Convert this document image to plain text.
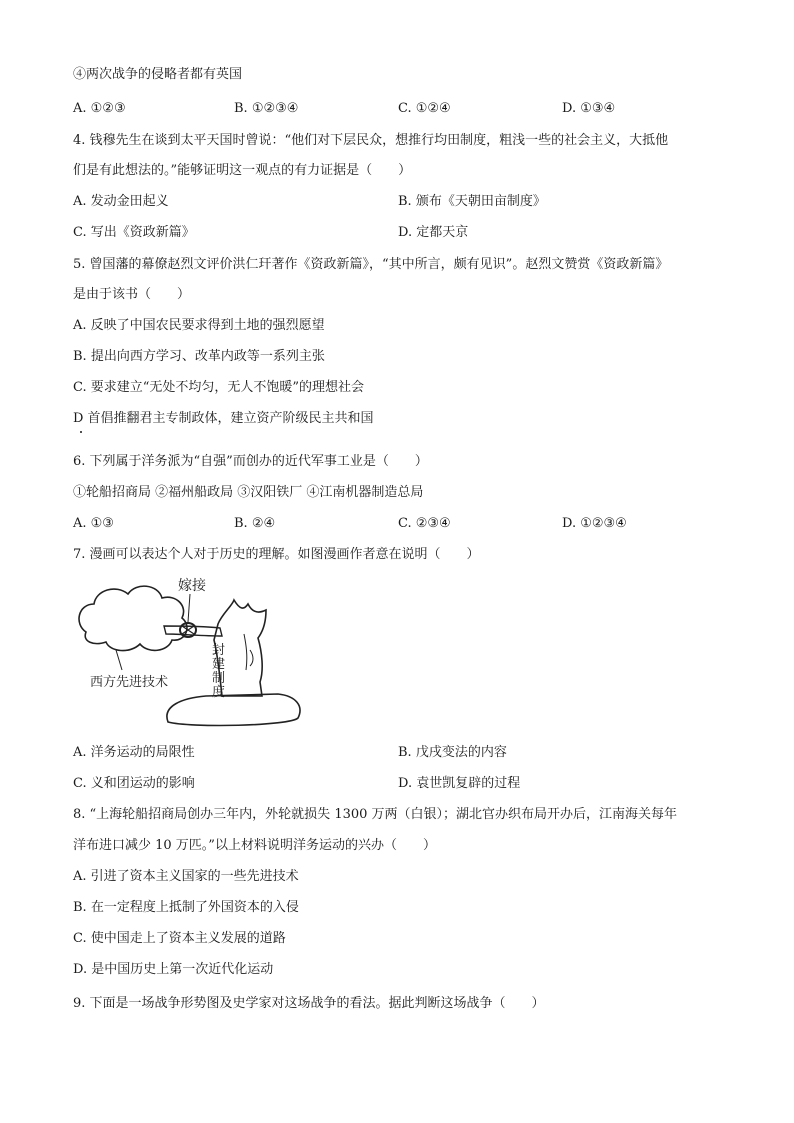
④两次战争的侵略者都有英国
A. ①②③	B. ①②③④	C. ①②④	D. ①③④
4. 钱穆先生在谈到太平天国时曾说：“他们对下层民众，想推行均田制度，粗浅一些的社会主义，大抵他
们是有此想法的。”能够证明这一观点的有力证据是（　　）
A. 发动金田起义	B. 颁布《天朝田亩制度》
C. 写出《资政新篇》	D. 定都天京
5. 曾国藩的幕僚赵烈文评价洪仁玕著作《资政新篇》，“其中所言，颇有见识”。赵烈文赞赏《资政新篇》
是由于该书（　　）
A. 反映了中国农民要求得到土地的强烈愿望
B. 提出向西方学习、改革内政等一系列主张
C. 要求建立“无处不均匀，无人不饱暖”的理想社会
D 首倡推翻君主专制政体，建立资产阶级民主共和国
6. 下列属于洋务派为“自强”而创办的近代军事工业是（　　）
①轮船招商局 ②福州船政局 ③汉阳铁厂 ④江南机器制造总局
A. ①③	B. ②④	C. ②③④	D. ①②③④
7. 漫画可以表达个人对于历史的理解。如图漫画作者意在说明（　　）
嫁接
封
建
制
度
西方先进技术
A. 洋务运动的局限性	B. 戊戌变法的内容
C. 义和团运动的影响	D. 袁世凯复辟的过程
8. “上海轮船招商局创办三年内，外轮就损失 1300 万两（白银）；湖北官办织布局开办后，江南海关每年
洋布进口减少 10 万匹。”以上材料说明洋务运动的兴办（　　）
A. 引进了资本主义国家的一些先进技术
B. 在一定程度上抵制了外国资本的入侵
C. 使中国走上了资本主义发展的道路
D. 是中国历史上第一次近代化运动
9. 下面是一场战争形势图及史学家对这场战争的看法。据此判断这场战争（　　）
